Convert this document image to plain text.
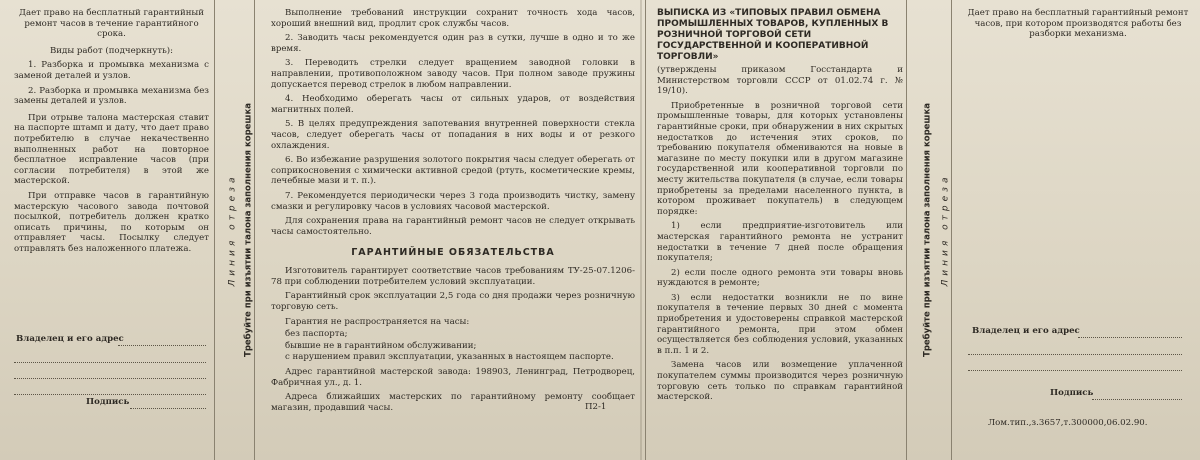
Дает право на бесплатный гарантийный ремонт часов в течение гарантийного срока.

Виды работ (подчеркнуть):

1. Разборка и промывка механизма с заменой деталей и узлов.

2. Разборка и промывка механизма без замены деталей и узлов.

При отрыве талона мастерская ставит на паспорте штамп и дату, что дает право потребителю в случае некачественно выполненных работ на повторное бесплатное исправление часов (при согласии потребителя) в этой же мастерской.

При отправке часов в гарантийную мастерскую часового завода почтовой посылкой, потребитель должен кратко описать причины, по которым он отправляет часы. Посылку следует отправлять без наложенного платежа.

Владелец и его адрес
Подпись
Линия отреза Требуйте при изъятии талона заполнения корешка

Выполнение требований инструкции сохранит точность хода часов, хороший внешний вид, продлит срок службы часов.

2. Заводить часы рекомендуется один раз в сутки, лучше в одно и то же время.

3. Переводить стрелки следует вращением заводной головки в направлении, противоположном заводу часов. При полном заводе пружины допускается перевод стрелок в любом направлении.

4. Необходимо оберегать часы от сильных ударов, от воздействия магнитных полей.

5. В целях предупреждения запотевания внутренней поверхности стекла часов, следует оберегать часы от попадания в них воды и от резкого охлаждения.

6. Во избежание разрушения золотого покрытия часы следует оберегать от соприкосновения с химически активной средой (ртуть, косметические кремы, лечебные мази и т. п.).

7. Рекомендуется периодически через 3 года производить чистку, замену смазки и регулировку часов в условиях часовой мастерской.

Для сохранения права на гарантийный ремонт часов не следует открывать часы самостоятельно.

ГАРАНТИЙНЫЕ ОБЯЗАТЕЛЬСТВА

Изготовитель гарантирует соответствие часов требованиям ТУ-25-07.1206-78 при соблюдении потребителем условий эксплуатации.

Гарантийный срок эксплуатации 2,5 года со дня продажи через розничную торговую сеть.

Гарантия не распространяется на часы:

без паспорта;

бывшие не в гарантийном обслуживании;

с нарушением правил эксплуатации, указанных в настоящем паспорте.

Адрес гарантийной мастерской завода: 198903, Ленинград, Петродворец, Фабричная ул., д. 1.

Адреса ближайших мастерских по гарантийному ремонту сообщает магазин, продавший часы.	П2-1
ВЫПИСКА ИЗ «ТИПОВЫХ ПРАВИЛ ОБМЕНА ПРОМЫШЛЕННЫХ ТОВАРОВ, КУПЛЕННЫХ В РОЗНИЧНОЙ ТОРГОВОЙ СЕТИ ГОСУДАРСТВЕННОЙ И КООПЕРАТИВНОЙ ТОРГОВЛИ»

(утверждены приказом Госстандарта и Министерством торговли СССР от 01.02.74 г. № 19/10).

Приобретенные в розничной торговой сети промышленные товары, для которых установлены гарантийные сроки, при обнаружении в них скрытых недостатков до истечения этих сроков, по требованию покупателя обмениваются на новые в магазине по месту покупки или в другом магазине государственной или кооперативной торговли по месту жительства покупателя (в случае, если товары приобретены за пределами населенного пункта, в котором проживает покупатель) в следующем порядке:

1) если предприятие-изготовитель или мастерская гарантийного ремонта не устранит недостатки в течение 7 дней после обращения покупателя;

2) если после одного ремонта эти товары вновь нуждаются в ремонте;

3) если недостатки возникли не по вине покупателя в течение первых 30 дней с момента приобретения и удостоверены справкой мастерской гарантийного ремонта, при этом обмен осуществляется без соблюдения условий, указанных в п.п. 1 и 2.

Замена часов или возмещение уплаченной покупателем суммы производится через розничную торговую сеть только по справкам гарантийной мастерской.

Требуйте при изъятии талона заполнения корешка Линия отреза

Дает право на бесплатный гарантийный ремонт часов, при котором производятся работы без разборки механизма.

Владелец и его адрес
Подпись
Лом.тип.,з.3657,т.300000,06.02.90.
